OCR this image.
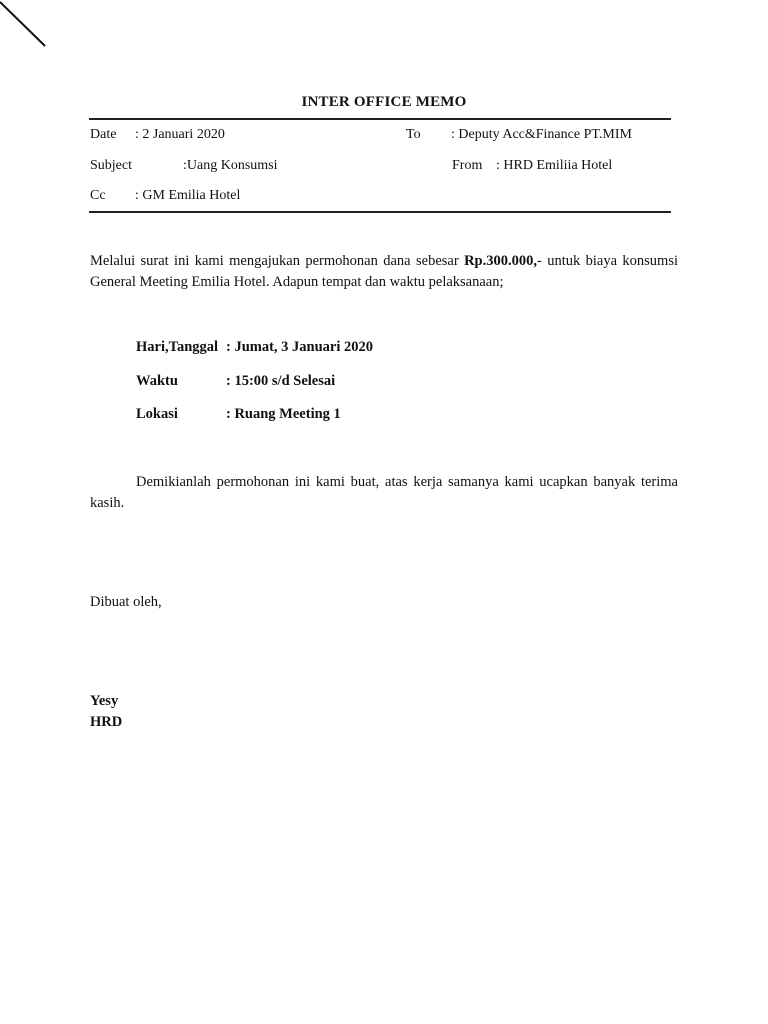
INTER OFFICE MEMO
Date : 2 Januari 2020	To : Deputy Acc&Finance PT.MIM
Subject	:Uang Konsumsi	From : HRD Emiliia Hotel
Cc : GM Emilia Hotel
Melalui surat ini kami mengajukan permohonan dana sebesar Rp.300.000,- untuk biaya konsumsi General Meeting Emilia Hotel. Adapun tempat dan waktu pelaksanaan;
Hari,Tanggal : Jumat, 3 Januari 2020
Waktu	: 15:00 s/d Selesai
Lokasi	: Ruang Meeting 1
Demikianlah permohonan ini kami buat, atas kerja samanya kami ucapkan banyak terima kasih.
Dibuat oleh,
Yesy
HRD
